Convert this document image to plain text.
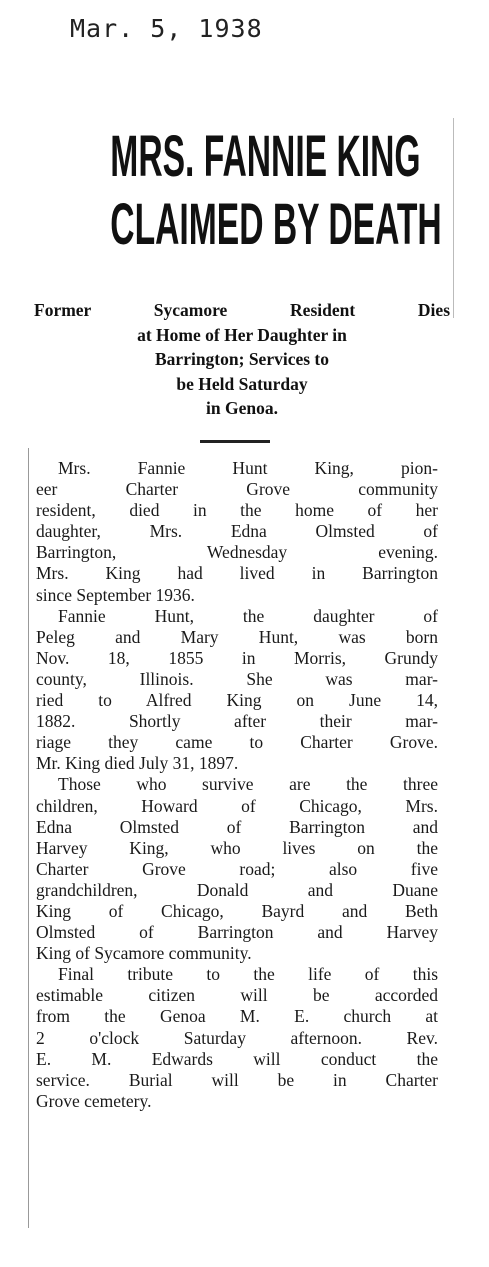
Mar. 5, 1938
MRS. FANNIE KING
CLAIMED BY DEATH
Former Sycamore Resident Dies
at Home of Her Daughter in
Barrington; Services to
be Held Saturday
in Genoa.
Mrs. Fannie Hunt King, pion-
eer Charter Grove community
resident, died in the home of her
daughter, Mrs. Edna Olmsted of
Barrington, Wednesday evening.
Mrs. King had lived in Barrington
since September 1936.
Fannie Hunt, the daughter of
Peleg and Mary Hunt, was born
Nov. 18, 1855 in Morris, Grundy
county, Illinois. She was mar-
ried to Alfred King on June 14,
1882. Shortly after their mar-
riage they came to Charter Grove.
Mr. King died July 31, 1897.
Those who survive are the three
children, Howard of Chicago, Mrs.
Edna Olmsted of Barrington and
Harvey King, who lives on the
Charter Grove road; also five
grandchildren, Donald and Duane
King of Chicago, Bayrd and Beth
Olmsted of Barrington and Harvey
King of Sycamore community.
Final tribute to the life of this
estimable citizen will be accorded
from the Genoa M. E. church at
2 o'clock Saturday afternoon. Rev.
E. M. Edwards will conduct the
service. Burial will be in Charter
Grove cemetery.
